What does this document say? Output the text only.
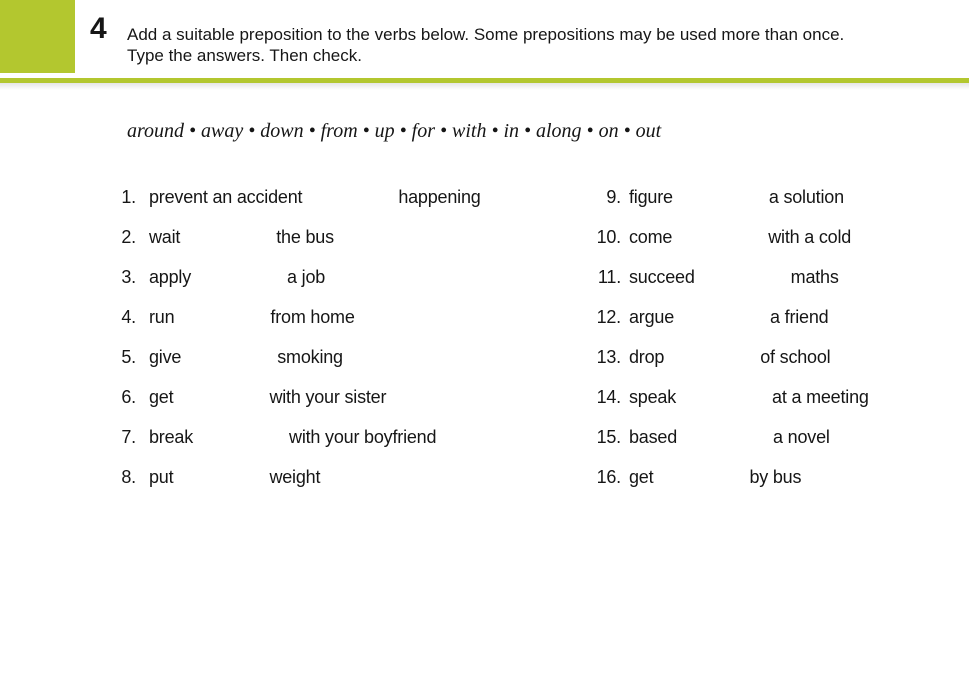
4 Add a suitable preposition to the verbs below. Some prepositions may be used more than once.
Type the answers. Then check.
around • away • down • from • up • for • with • in • along • on • out
1. prevent an accident	happening
2. wait	the bus
3. apply	a job
4. run	from home
5. give	smoking
6. get	with your sister
7. break	with your boyfriend
8. put	weight
9. figure	a solution
10. come	with a cold
11. succeed	maths
12. argue	a friend
13. drop	of school
14. speak	at a meeting
15. based	a novel
16. get	by bus
